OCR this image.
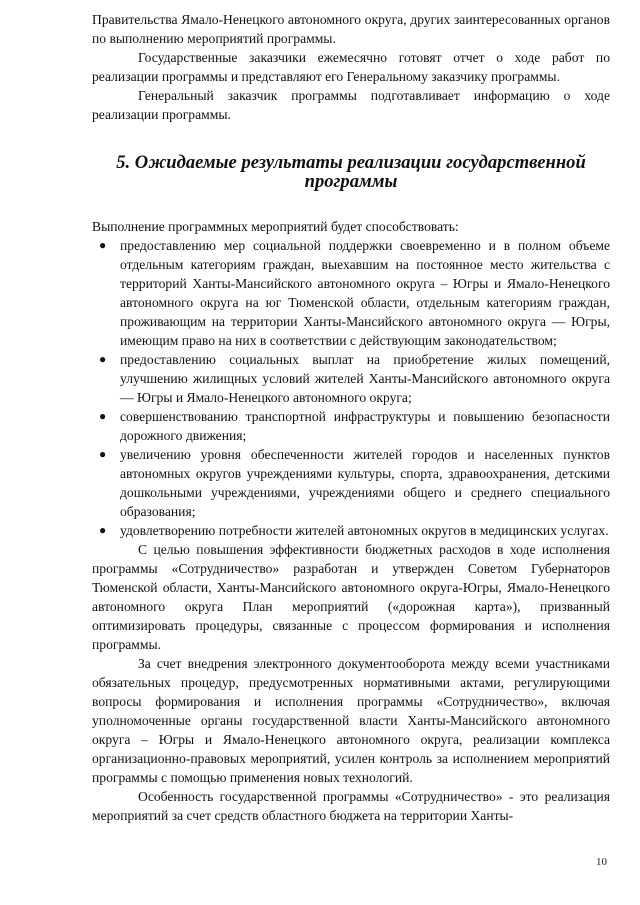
Правительства Ямало-Ненецкого автономного округа, других заинтересованных органов по выполнению мероприятий программы.

Государственные заказчики ежемесячно готовят отчет о ходе работ по реализации программы и представляют его Генеральному заказчику программы.

Генеральный заказчик программы подготавливает информацию о ходе реализации программы.

5. Ожидаемые результаты реализации государственной программы

Выполнение программных мероприятий будет способствовать:

● предоставлению мер социальной поддержки своевременно и в полном объеме отдельным категориям граждан, выехавшим на постоянное место жительства с территорий Ханты-Мансийского автономного округа – Югры и Ямало-Ненецкого автономного округа на юг Тюменской области, отдельным категориям граждан, проживающим на территории Ханты-Мансийского автономного округа — Югры, имеющим право на них в соответствии с действующим законодательством;
● предоставлению социальных выплат на приобретение жилых помещений, улучшению жилищных условий жителей Ханты-Мансийского автономного округа — Югры и Ямало-Ненецкого автономного округа;
● совершенствованию транспортной инфраструктуры и повышению безопасности дорожного движения;
● увеличению уровня обеспеченности жителей городов и населенных пунктов автономных округов учреждениями культуры, спорта, здравоохранения, детскими дошкольными учреждениями, учреждениями общего и среднего специального образования;
● удовлетворению потребности жителей автономных округов в медицинских услугах.

С целью повышения эффективности бюджетных расходов в ходе исполнения программы «Сотрудничество» разработан и утвержден Советом Губернаторов Тюменской области, Ханты-Мансийского автономного округа-Югры, Ямало-Ненецкого автономного округа План мероприятий («дорожная карта»), призванный оптимизировать процедуры, связанные с процессом формирования и исполнения программы.

За счет внедрения электронного документооборота между всеми участниками обязательных процедур, предусмотренных нормативными актами, регулирующими вопросы формирования и исполнения программы «Сотрудничество», включая уполномоченные органы государственной власти Ханты-Мансийского автономного округа – Югры и Ямало-Ненецкого автономного округа, реализации комплекса организационно-правовых мероприятий, усилен контроль за исполнением мероприятий программы с помощью применения новых технологий.

Особенность государственной программы «Сотрудничество» - это реализация мероприятий за счет средств областного бюджета на территории Ханты-

10
